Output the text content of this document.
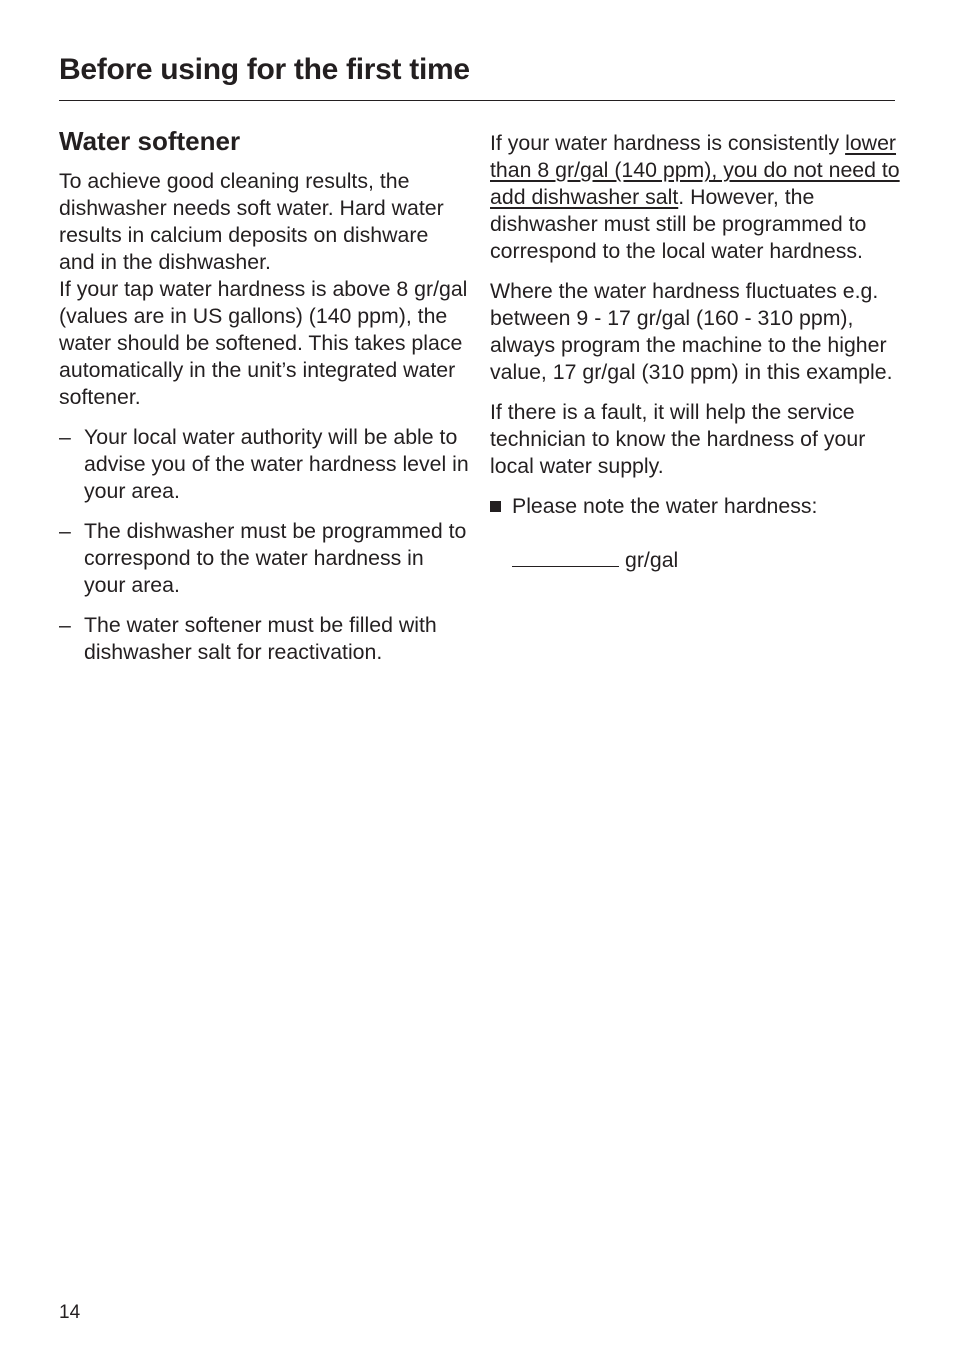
Before using for the first time
Water softener

To achieve good cleaning results, the dishwasher needs soft water. Hard water results in calcium deposits on dishware and in the dishwasher.
If your tap water hardness is above 8 gr/gal (values are in US gallons) (140 ppm), the water should be softened. This takes place automatically in the unit’s integrated water softener.

– Your local water authority will be able to advise you of the water hardness level in your area.
– The dishwasher must be programmed to correspond to the water hardness in your area.
– The water softener must be filled with dishwasher salt for reactivation.

If your water hardness is consistently lower than 8 gr/gal (140 ppm), you do not need to add dishwasher salt. However, the dishwasher must still be programmed to correspond to the local water hardness.

Where the water hardness fluctuates e.g. between 9 - 17 gr/gal (160 - 310 ppm), always program the machine to the higher value, 17 gr/gal (310 ppm) in this example.

If there is a fault, it will help the service technician to know the hardness of your local water supply.

Please note the water hardness:
gr/gal
14
